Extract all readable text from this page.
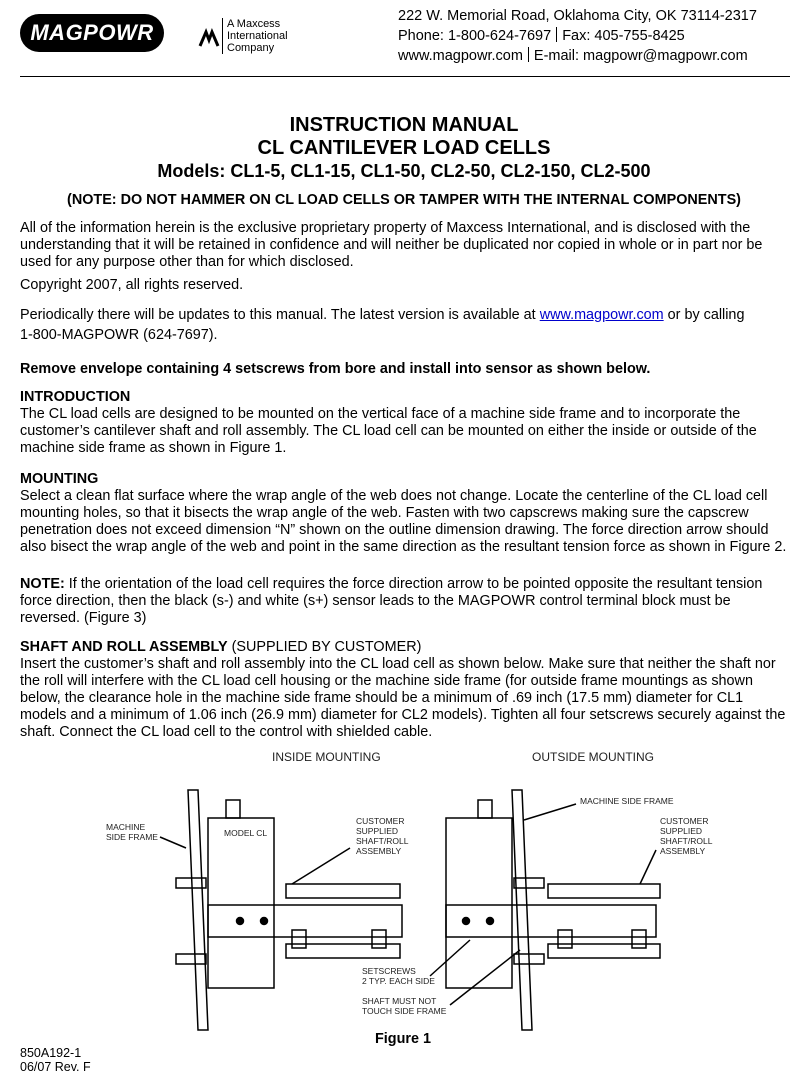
MAGPOWR	A Maxcess
International
Company
222 W. Memorial Road, Oklahoma City, OK 73114-2317
Phone: 1-800-624-7697 Fax: 405-755-8425
www.magpowr.com E-mail: magpowr@magpowr.com
INSTRUCTION MANUAL
CL CANTILEVER LOAD CELLS
Models: CL1-5, CL1-15, CL1-50, CL2-50, CL2-150, CL2-500
(NOTE: DO NOT HAMMER ON CL LOAD CELLS OR TAMPER WITH THE INTERNAL COMPONENTS)
All of the information herein is the exclusive proprietary property of Maxcess International, and is disclosed with the understanding that it will be retained in confidence and will neither be duplicated nor copied in whole or in part nor be used for any purpose other than for which disclosed.
Copyright 2007, all rights reserved.
Periodically there will be updates to this manual. The latest version is available at www.magpowr.com or by calling
1-800-MAGPOWR (624-7697).
Remove envelope containing 4 setscrews from bore and install into sensor as shown below.
INTRODUCTION
The CL load cells are designed to be mounted on the vertical face of a machine side frame and to incorporate the customer’s cantilever shaft and roll assembly. The CL load cell can be mounted on either the inside or outside of the machine side frame as shown in Figure 1.
MOUNTING
Select a clean flat surface where the wrap angle of the web does not change. Locate the centerline of the CL load cell mounting holes, so that it bisects the wrap angle of the web. Fasten with two capscrews making sure the capscrew penetration does not exceed dimension “N” shown on the outline dimension drawing. The force direction arrow should also bisect the wrap angle of the web and point in the same direction as the resultant tension force as shown in Figure 2.
NOTE: If the orientation of the load cell requires the force direction arrow to be pointed opposite the resultant tension force direction, then the black (s-) and white (s+) sensor leads to the MAGPOWR control terminal block must be reversed. (Figure 3)
SHAFT AND ROLL ASSEMBLY (SUPPLIED BY CUSTOMER)
Insert the customer’s shaft and roll assembly into the CL load cell as shown below. Make sure that neither the shaft nor the roll will interfere with the CL load cell housing or the machine side frame (for outside frame mountings as shown below, the clearance hole in the machine side frame should be a minimum of .69 inch (17.5 mm) diameter for CL1 models and a minimum of 1.06 inch (26.9 mm) diameter for CL2 models). Tighten all four setscrews securely against the shaft. Connect the CL load cell to the control with shielded cable.
INSIDE MOUNTING	OUTSIDE MOUNTING
MACHINE
SIDE FRAME	MODEL CL
CUSTOMER
SUPPLIED
SHAFT/ROLL
ASSEMBLY
SETSCREWS
2 TYP. EACH SIDE
SHAFT MUST NOT
TOUCH SIDE FRAME
MACHINE SIDE FRAME
CUSTOMER
SUPPLIED
SHAFT/ROLL
ASSEMBLY
Figure 1
850A192-1
06/07 Rev. F
